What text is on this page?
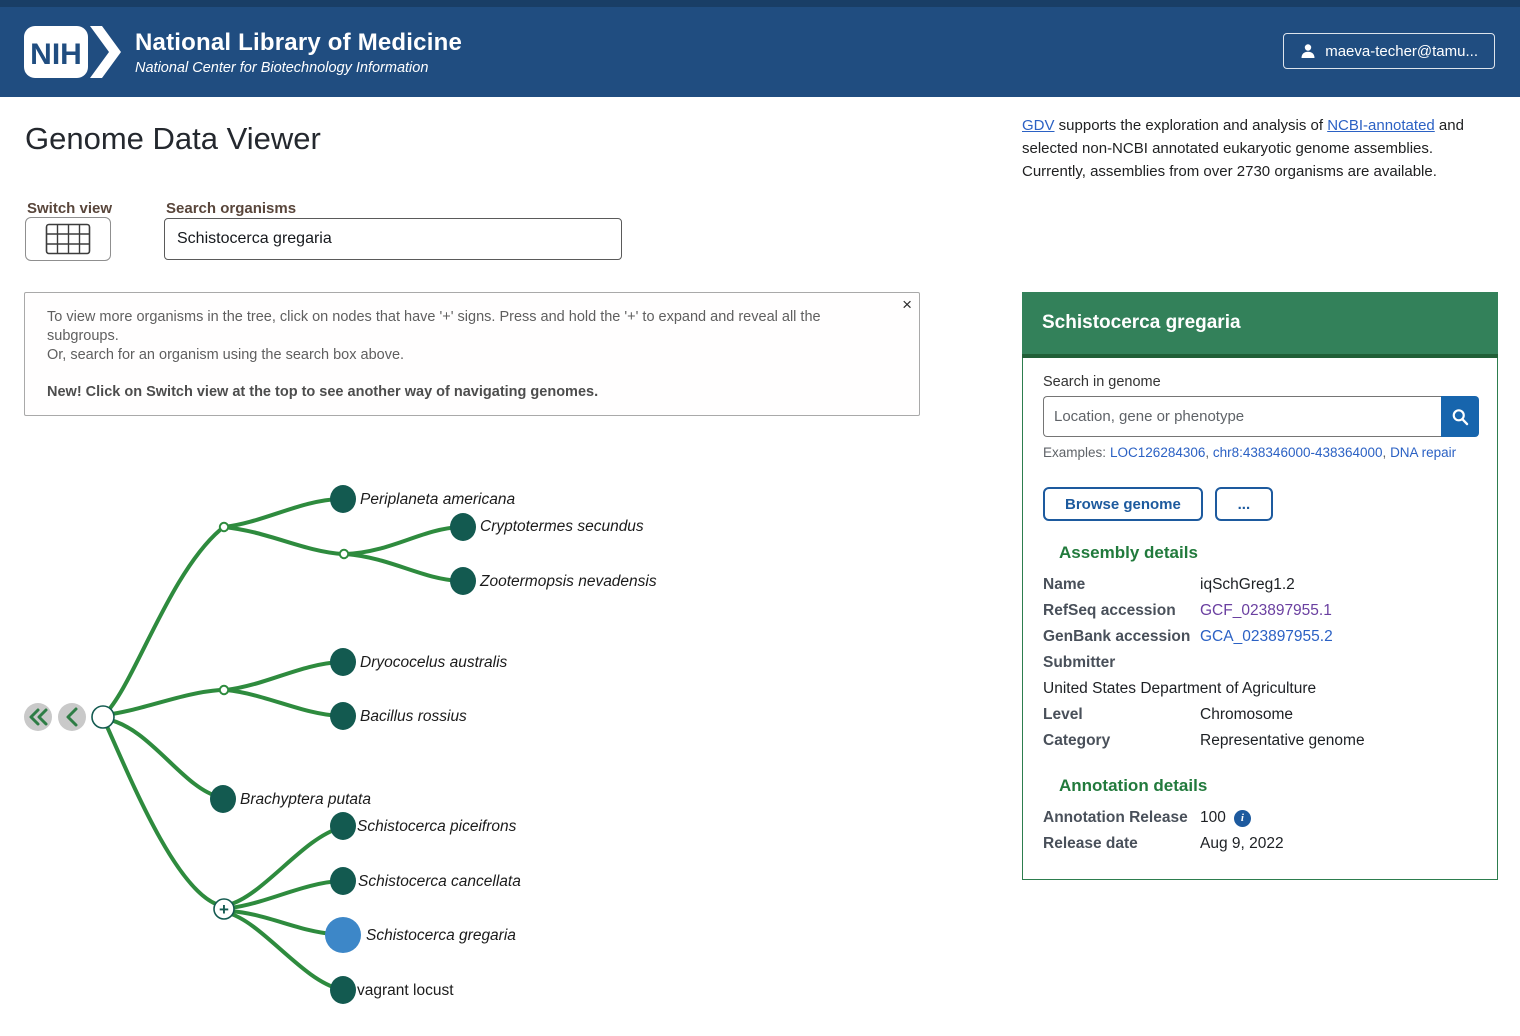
NIH National Library of Medicine
National Center for Biotechnology Information
maeva-techer@tamu...
Genome Data Viewer
Switch view	Search organisms
Schistocerca gregaria
×
To view more organisms in the tree, click on nodes that have '+' signs. Press and hold the '+' to expand and reveal all the
subgroups.
Or, search for an organism using the search box above.
New! Click on Switch view at the top to see another way of navigating genomes.
+
Periplaneta americana
Cryptotermes secundus
Zootermopsis nevadensis
Dryococelus australis
Bacillus rossius
Brachyptera putata
Schistocerca piceifrons
Schistocerca cancellata
Schistocerca gregaria
vagrant locust

GDV supports the exploration and analysis of NCBI-annotated and selected non-NCBI annotated eukaryotic genome assemblies. Currently, assemblies from over 2730 organisms are available.

Schistocerca gregaria
Search in genome
Location, gene or phenotype
Examples: LOC126284306, chr8:438346000-438364000, DNA repair
Browse genome	...
Assembly details
Name	iqSchGreg1.2
RefSeq accession	GCF_023897955.1
GenBank accession GCA_023897955.2
Submitter
United States Department of Agriculture
Level	Chromosome
Category	Representative genome
Annotation details
Annotation Release 100	i
Release date	Aug 9, 2022
